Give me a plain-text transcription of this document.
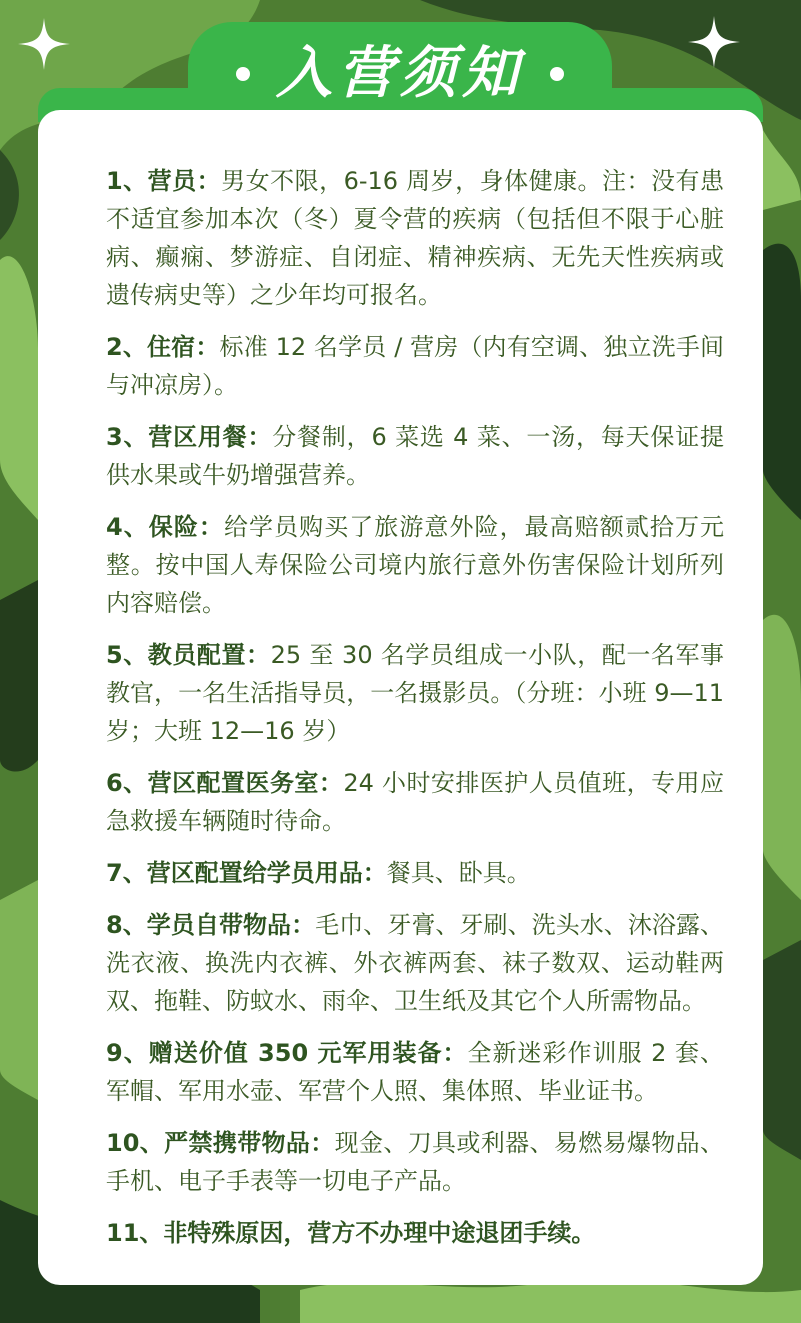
入营须知

1、营员：男女不限，6-16 周岁，身体健康。注：没有患不适宜参加本次（冬）夏令营的疾病（包括但不限于心脏病、癫痫、梦游症、自闭症、精神疾病、无先天性疾病或遗传病史等）之少年均可报名。

2、住宿：标准 12 名学员 / 营房（内有空调、独立洗手间与冲凉房）。

3、营区用餐：分餐制，6 菜选 4 菜、一汤，每天保证提供水果或牛奶增强营养。

4、保险：给学员购买了旅游意外险，最高赔额贰拾万元整。按中国人寿保险公司境内旅行意外伤害保险计划所列内容赔偿。

5、教员配置：25 至 30 名学员组成一小队，配一名军事教官，一名生活指导员，一名摄影员。（分班：小班 9—11 岁；大班 12—16 岁）

6、营区配置医务室：24 小时安排医护人员值班，专用应急救援车辆随时待命。

7、营区配置给学员用品：餐具、卧具。

8、学员自带物品：毛巾、牙膏、牙刷、洗头水、沐浴露、洗衣液、换洗内衣裤、外衣裤两套、袜子数双、运动鞋两双、拖鞋、防蚊水、雨伞、卫生纸及其它个人所需物品。

9、赠送价值 350 元军用装备：全新迷彩作训服 2 套、军帽、军用水壶、军营个人照、集体照、毕业证书。

10、严禁携带物品：现金、刀具或利器、易燃易爆物品、手机、电子手表等一切电子产品。

11、非特殊原因，营方不办理中途退团手续。
